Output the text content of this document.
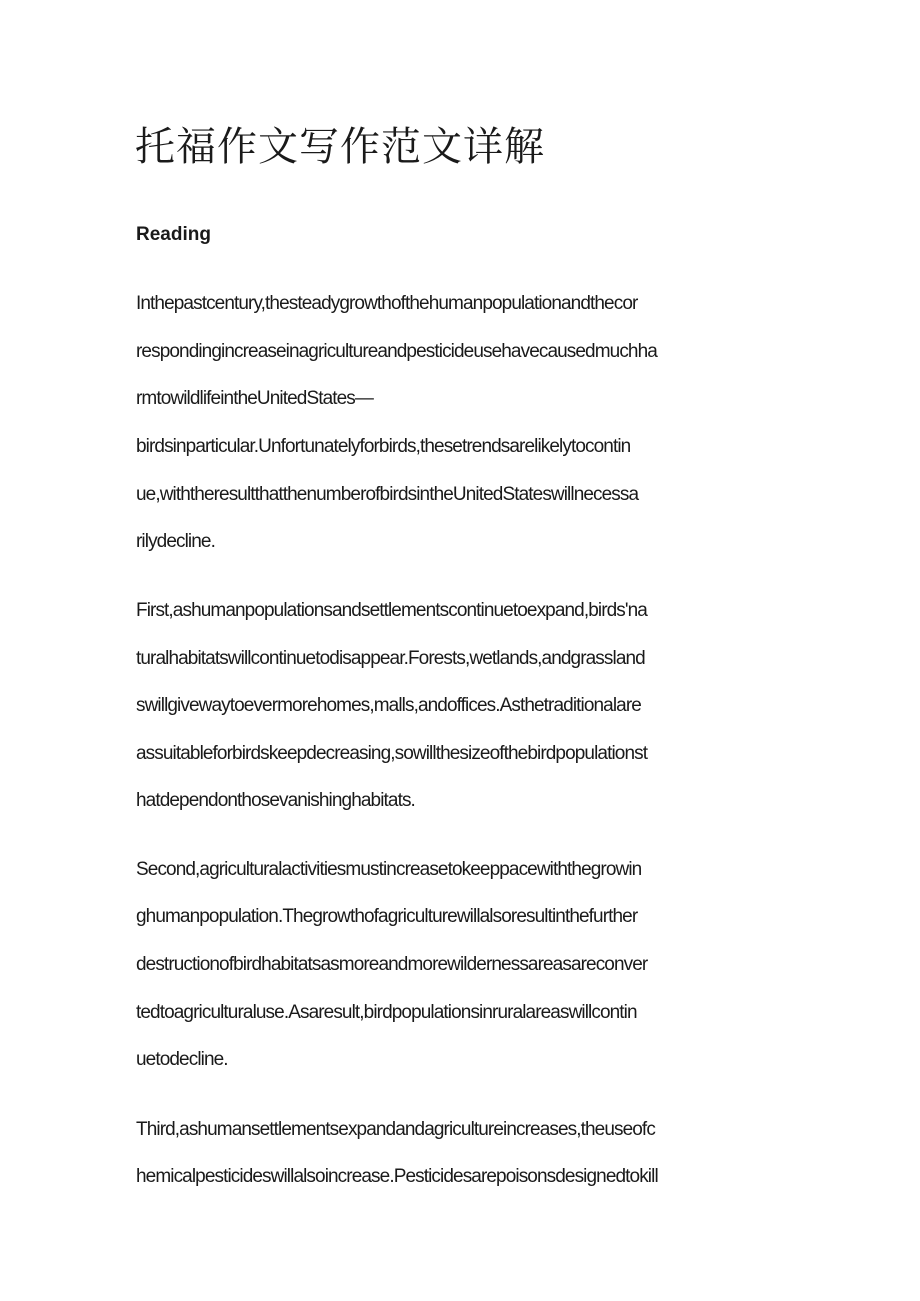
托福作文写作范文详解
Reading

Inthepastcentury,thesteadygrowthofthehumanpopulationandthecor

respondingincreaseinagricultureandpesticideusehavecausedmuchha

rmtowildlifeintheUnitedStates—

birdsinparticular.Unfortunatelyforbirds,thesetrendsarelikelytocontin

ue,withtheresultthatthenumberofbirdsintheUnitedStateswillnecessa

rilydecline.

First,ashumanpopulationsandsettlementscontinuetoexpand,birds'na

turalhabitatswillcontinuetodisappear.Forests,wetlands,andgrassland

swillgivewaytoevermorehomes,malls,andoffices.Asthetraditionalare

assuitableforbirdskeepdecreasing,sowillthesizeofthebirdpopulationst

hatdependonthosevanishinghabitats.

Second,agriculturalactivitiesmustincreasetokeeppacewiththegrowin

ghumanpopulation.Thegrowthofagriculturewillalsoresultinthefurther

destructionofbirdhabitatsasmoreandmorewildernessareasareconver

tedtoagriculturaluse.Asaresult,birdpopulationsinruralareaswillcontin

uetodecline.

Third,ashumansettlementsexpandandagricultureincreases,theuseofc

hemicalpesticideswillalsoincrease.Pesticidesarepoisonsdesignedtokill
